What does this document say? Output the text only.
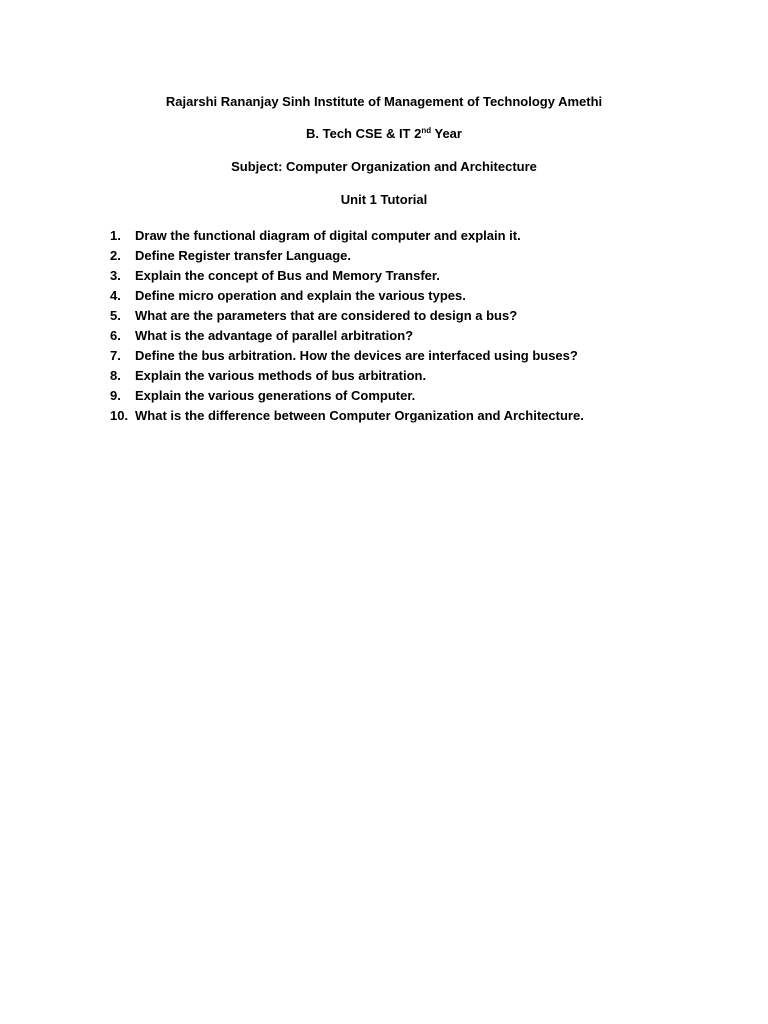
Rajarshi Rananjay Sinh Institute of Management of Technology Amethi
B. Tech CSE & IT 2nd Year
Subject: Computer Organization and Architecture
Unit 1 Tutorial
1.	Draw the functional diagram of digital computer and explain it.
2.	Define Register transfer Language.
3.	Explain the concept of Bus and Memory Transfer.
4.	Define micro operation and explain the various types.
5.	What are the parameters that are considered to design a bus?
6.	What is the advantage of parallel arbitration?
7.	Define the bus arbitration. How the devices are interfaced using buses?
8.	Explain the various methods of bus arbitration.
9.	Explain the various generations of Computer.
10. What is the difference between Computer Organization and Architecture.
